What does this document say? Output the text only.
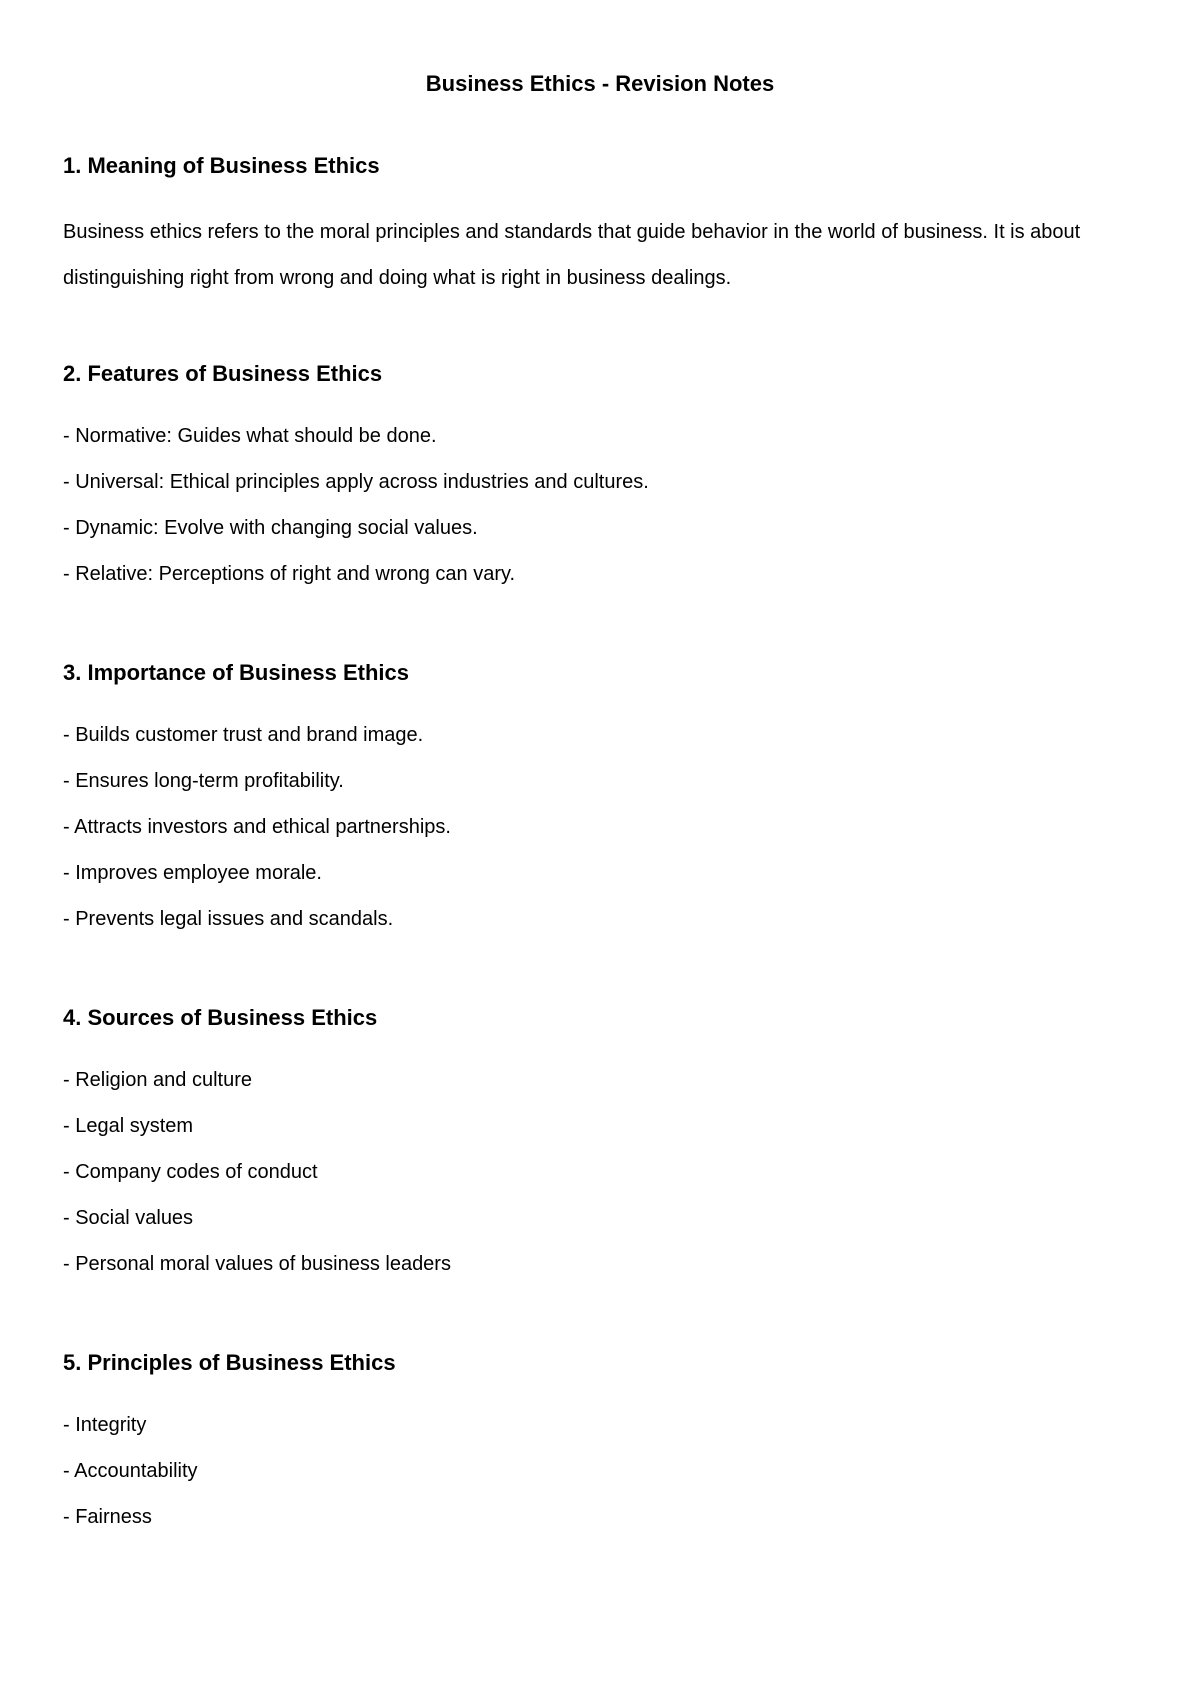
Business Ethics - Revision Notes
1. Meaning of Business Ethics

Business ethics refers to the moral principles and standards that guide behavior in the world of business. It is about distinguishing right from wrong and doing what is right in business dealings.

2. Features of Business Ethics
- Normative: Guides what should be done.
- Universal: Ethical principles apply across industries and cultures.
- Dynamic: Evolve with changing social values.
- Relative: Perceptions of right and wrong can vary.
3. Importance of Business Ethics
- Builds customer trust and brand image.
- Ensures long-term profitability.
- Attracts investors and ethical partnerships.
- Improves employee morale.
- Prevents legal issues and scandals.
4. Sources of Business Ethics
- Religion and culture
- Legal system
- Company codes of conduct
- Social values
- Personal moral values of business leaders
5. Principles of Business Ethics
- Integrity
- Accountability
- Fairness
